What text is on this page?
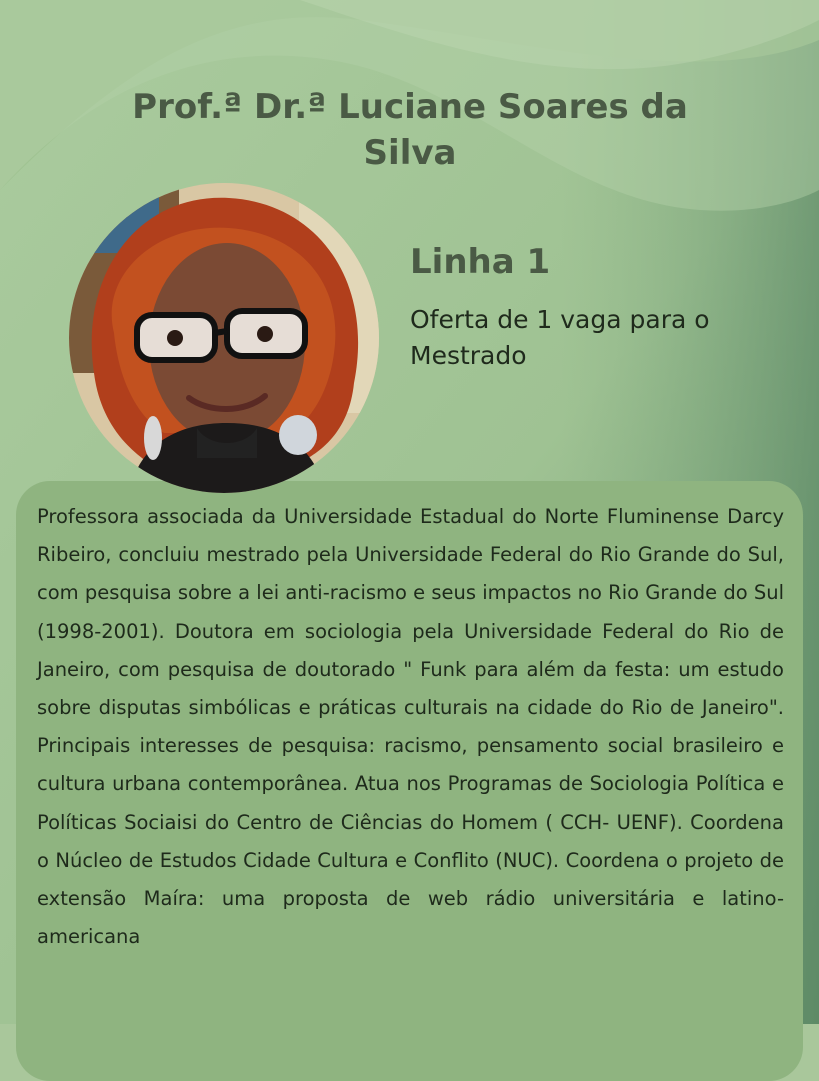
Prof.ª Dr.ª Luciane Soares da Silva
Linha 1

Oferta de 1 vaga para o Mestrado

Professora associada da Universidade Estadual do Norte Fluminense Darcy Ribeiro, concluiu mestrado pela Universidade Federal do Rio Grande do Sul, com pesquisa sobre a lei anti-racismo e seus impactos no Rio Grande do Sul (1998-2001). Doutora em sociologia pela Universidade Federal do Rio de Janeiro, com pesquisa de doutorado " Funk para além da festa: um estudo sobre disputas simbólicas e práticas culturais na cidade do Rio de Janeiro". Principais interesses de pesquisa: racismo, pensamento social brasileiro e cultura urbana contemporânea. Atua nos Programas de Sociologia Política e Políticas Sociaisi do Centro de Ciências do Homem ( CCH- UENF). Coordena o Núcleo de Estudos Cidade Cultura e Conflito (NUC). Coordena o projeto de extensão Maíra: uma proposta de web rádio universitária e latino-americana
